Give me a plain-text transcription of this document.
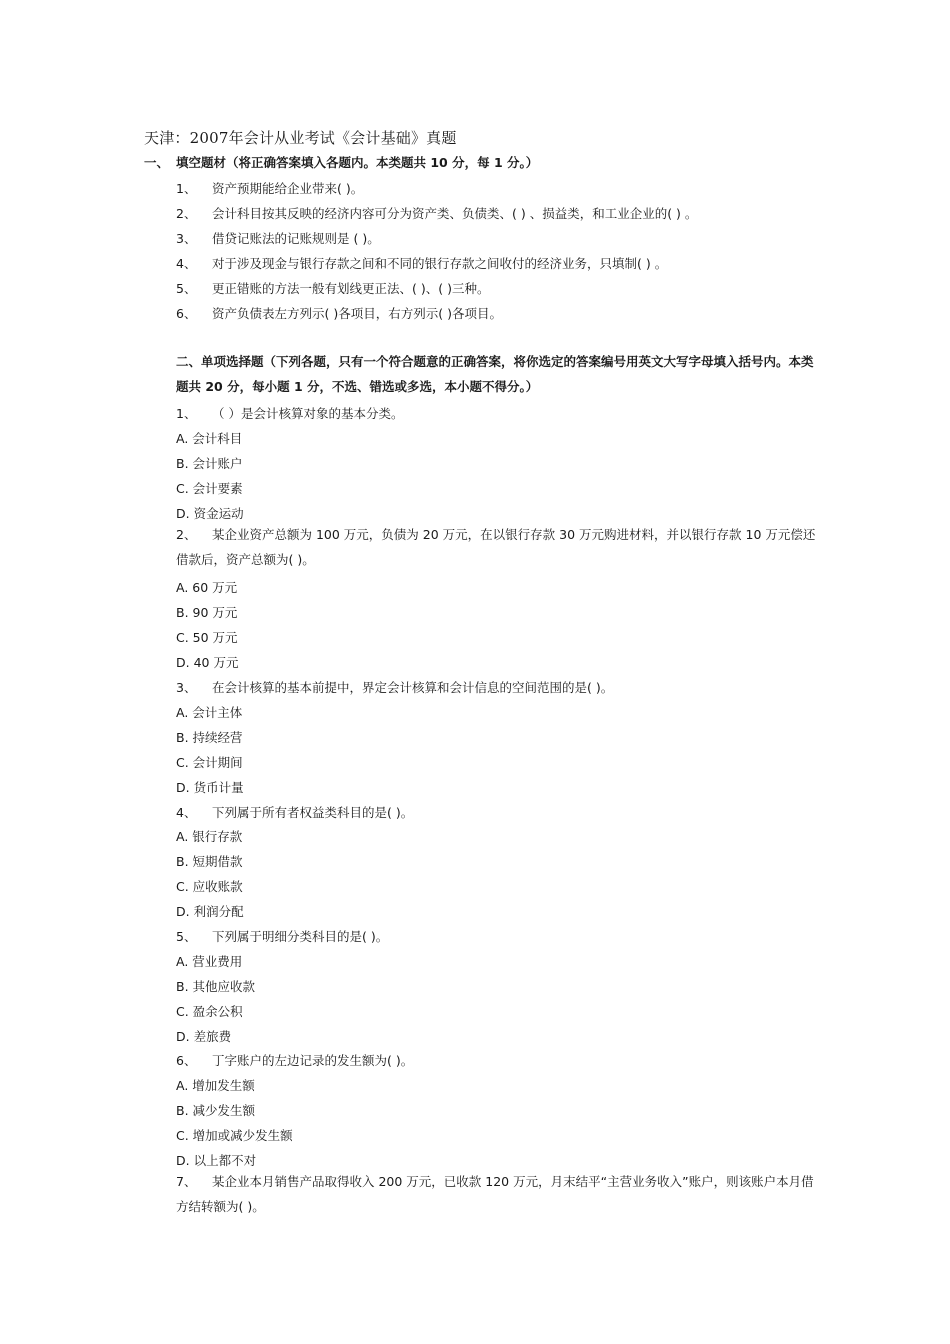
天津：2007年会计从业考试《会计基础》真题
一、 填空题材（将正确答案填入各题内。本类题共 10 分，每 1 分。）
1、 资产预期能给企业带来( )。
2、 会计科目按其反映的经济内容可分为资产类、负债类、( ) 、损益类，和工业企业的( ) 。
3、 借贷记账法的记账规则是 ( )。
4、 对于涉及现金与银行存款之间和不同的银行存款之间收付的经济业务，只填制( ) 。
5、 更正错账的方法一般有划线更正法、( )、( )三种。
6、 资产负债表左方列示( )各项目，右方列示( )各项目。
二、单项选择题（下列各题，只有一个符合题意的正确答案，将你选定的答案编号用英文大写字母填入括号内。本类题共 20 分，每小题 1 分，不选、错选或多选，本小题不得分。）
1、 （ ）是会计核算对象的基本分类。
A. 会计科目
B. 会计账户
C. 会计要素
D. 资金运动
2、 某企业资产总额为 100 万元，负债为 20 万元，在以银行存款 30 万元购进材料，并以银行存款 10 万元偿还借款后，资产总额为( )。
A. 60 万元
B. 90 万元
C. 50 万元
D. 40 万元
3、 在会计核算的基本前提中，界定会计核算和会计信息的空间范围的是( )。
A. 会计主体
B. 持续经营
C. 会计期间
D. 货币计量
4、 下列属于所有者权益类科目的是( )。
A. 银行存款
B. 短期借款
C. 应收账款
D. 利润分配
5、 下列属于明细分类科目的是( )。
A. 营业费用
B. 其他应收款
C. 盈余公积
D. 差旅费
6、 丁字账户的左边记录的发生额为( )。
A. 增加发生额
B. 减少发生额
C. 增加或减少发生额
D. 以上都不对
7、 某企业本月销售产品取得收入 200 万元，已收款 120 万元，月末结平“主营业务收入”账户，则该账户本月借方结转额为( )。
